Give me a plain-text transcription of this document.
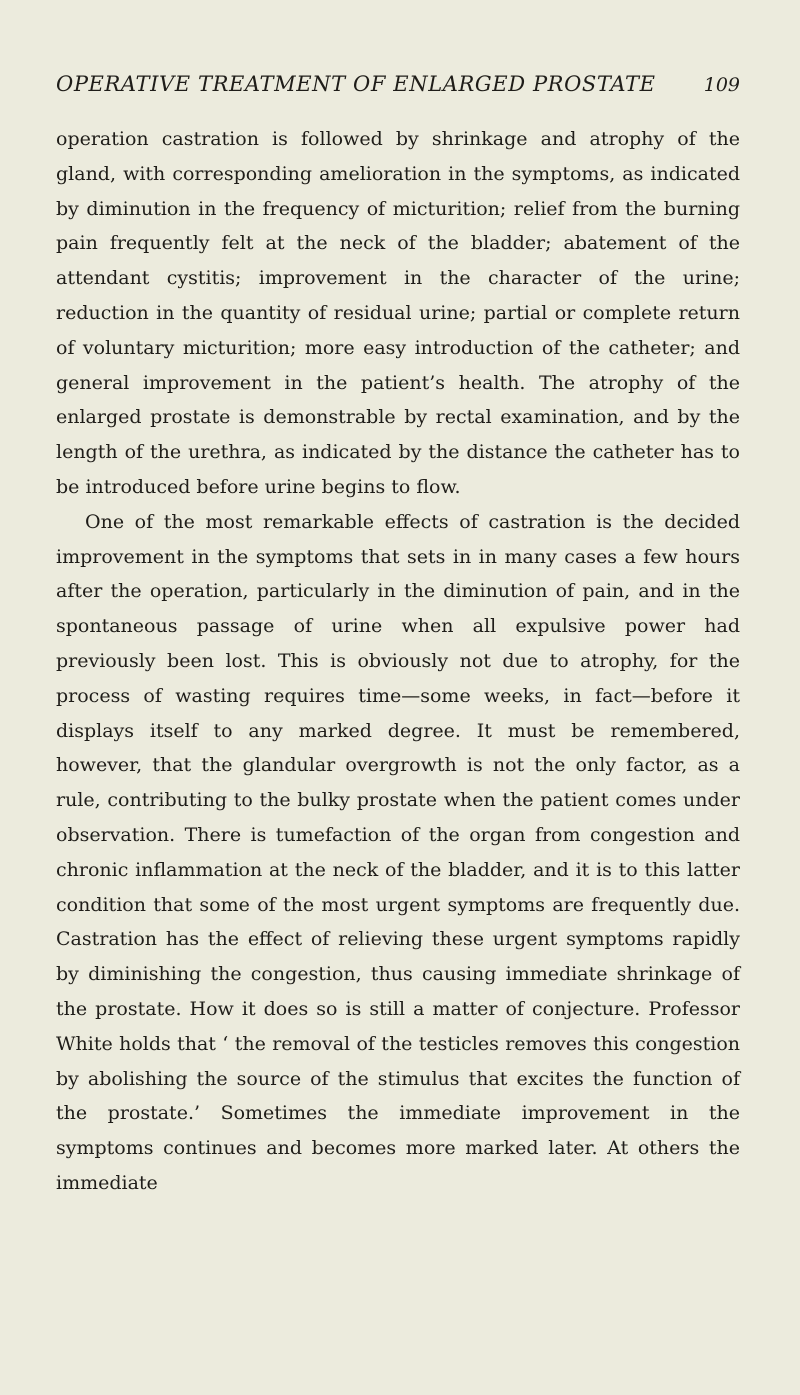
OPERATIVE TREATMENT OF ENLARGED PROSTATE	109

operation castration is followed by shrinkage and atrophy of the gland, with corresponding amelioration in the symptoms, as indicated by diminution in the frequency of micturition; relief from the burning pain frequently felt at the neck of the bladder; abatement of the attendant cystitis; improvement in the character of the urine; reduction in the quantity of residual urine; partial or complete return of voluntary micturition; more easy introduction of the catheter; and general improvement in the patient’s health. The atrophy of the enlarged prostate is demonstrable by rectal examination, and by the length of the urethra, as indicated by the distance the catheter has to be introduced before urine begins to flow.

One of the most remarkable effects of castration is the decided improvement in the symptoms that sets in in many cases a few hours after the operation, particularly in the diminution of pain, and in the spontaneous passage of urine when all expulsive power had previously been lost. This is obviously not due to atrophy, for the process of wasting requires time—some weeks, in fact—before it displays itself to any marked degree. It must be remembered, however, that the glandular overgrowth is not the only factor, as a rule, contributing to the bulky prostate when the patient comes under observation. There is tumefaction of the organ from congestion and chronic inflammation at the neck of the bladder, and it is to this latter condition that some of the most urgent symptoms are frequently due. Castration has the effect of relieving these urgent symptoms rapidly by diminishing the congestion, thus causing immediate shrinkage of the prostate. How it does so is still a matter of conjecture. Professor White holds that ‘ the removal of the testicles removes this congestion by abolishing the source of the stimulus that excites the function of the prostate.’ Sometimes the immediate improvement in the symptoms continues and becomes more marked later. At others the immediate
